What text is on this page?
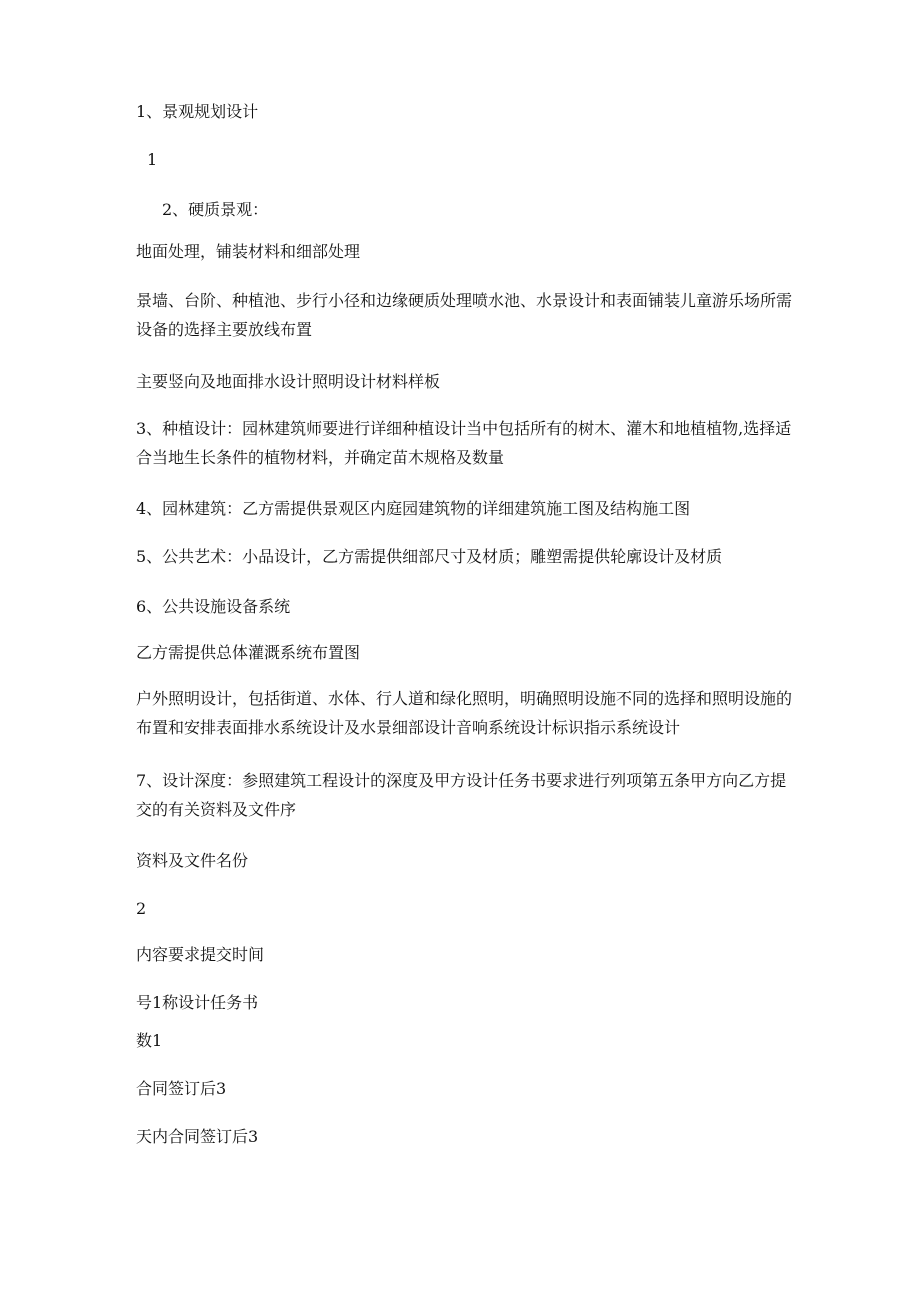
1、景观规划设计
1
2、硬质景观：
地面处理，铺装材料和细部处理
景墙、台阶、种植池、步行小径和边缘硬质处理喷水池、水景设计和表面铺装儿童游乐场所需设备的选择主要放线布置
主要竖向及地面排水设计照明设计材料样板
3、种植设计：园林建筑师要进行详细种植设计当中包括所有的树木、灌木和地植植物,选择适合当地生长条件的植物材料，并确定苗木规格及数量
4、园林建筑：乙方需提供景观区内庭园建筑物的详细建筑施工图及结构施工图
5、公共艺术：小品设计，乙方需提供细部尺寸及材质；雕塑需提供轮廓设计及材质
6、公共设施设备系统
乙方需提供总体灌溉系统布置图
户外照明设计，包括街道、水体、行人道和绿化照明，明确照明设施不同的选择和照明设施的布置和安排表面排水系统设计及水景细部设计音响系统设计标识指示系统设计
7、设计深度：参照建筑工程设计的深度及甲方设计任务书要求进行列项第五条甲方向乙方提交的有关资料及文件序
资料及文件名份
2
内容要求提交时间
号1称设计任务书
数1
合同签订后3
天内合同签订后3
